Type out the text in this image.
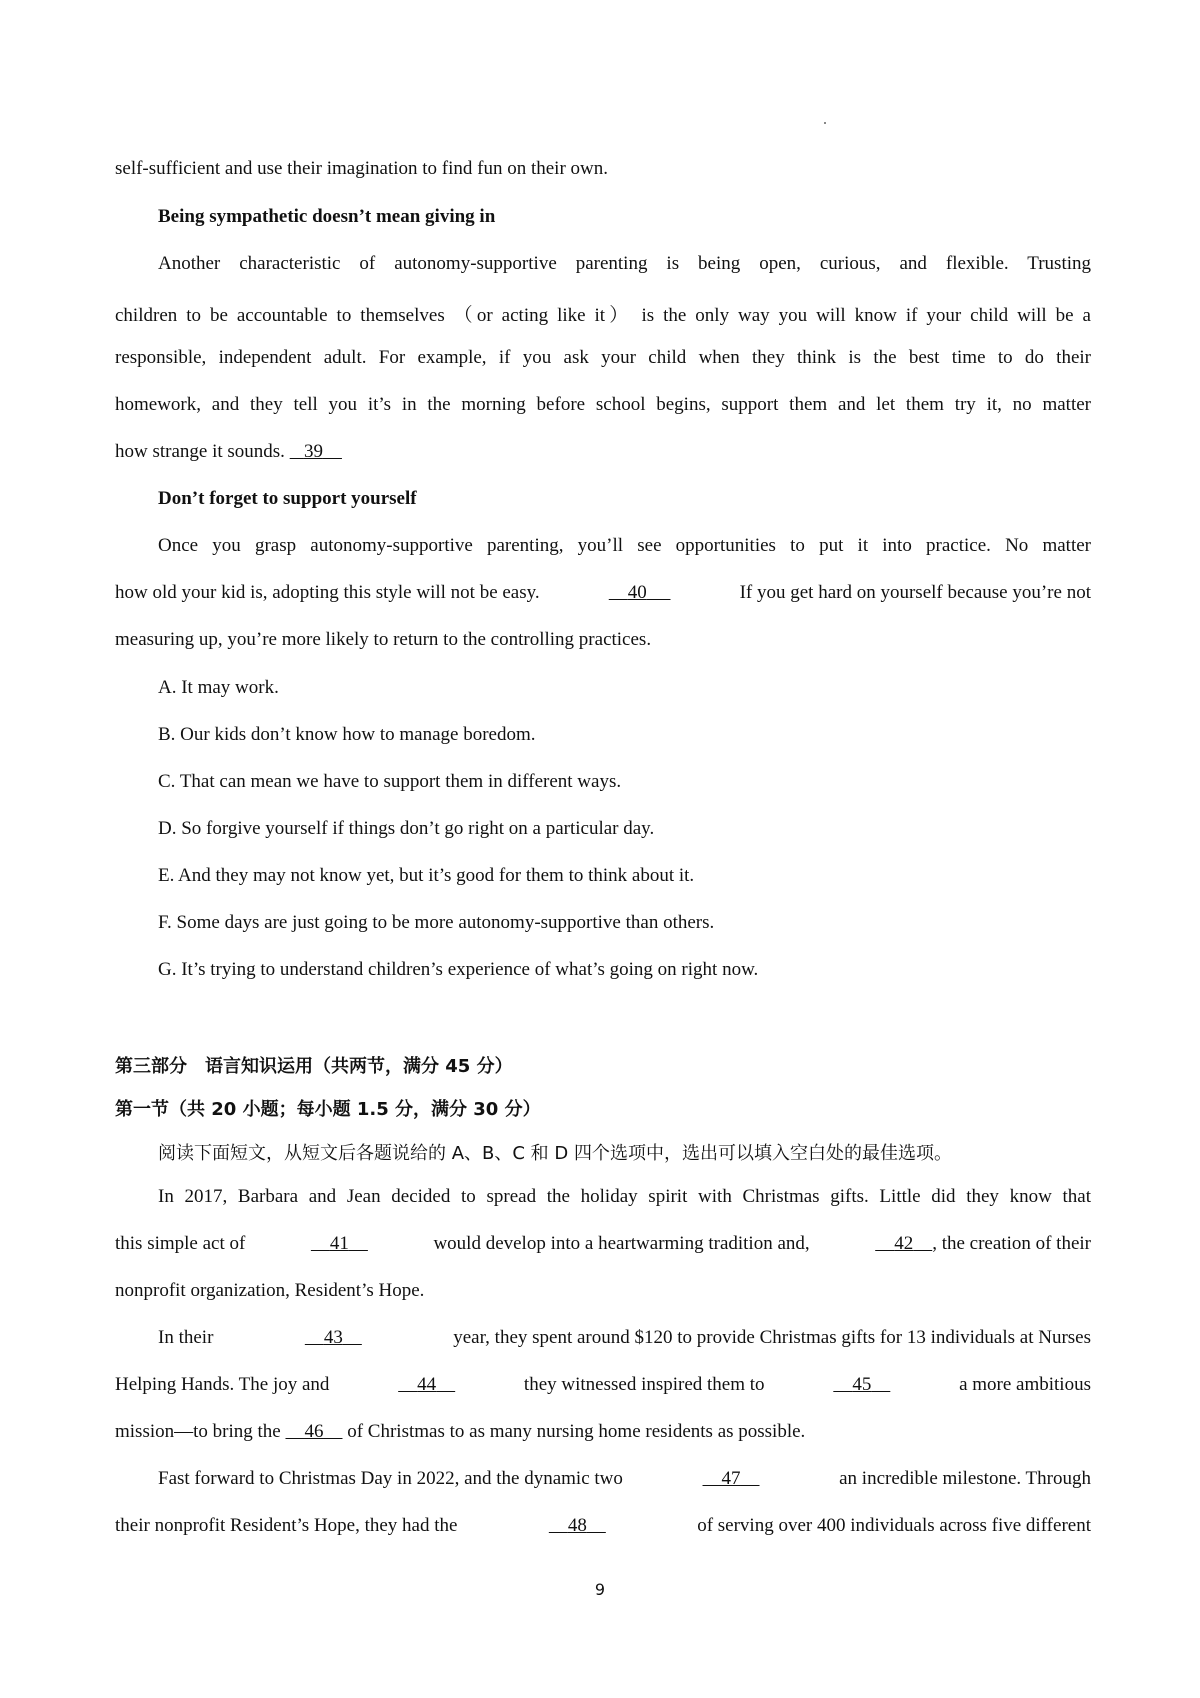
self-sufficient and use their imagination to find fun on their own.
Being sympathetic doesn’t mean giving in
Another characteristic of autonomy-supportive parenting is being open, curious, and flexible. Trusting
children to be accountable to themselves （or acting like it） is the only way you will know if your child will be a
responsible, independent adult. For example, if you ask your child when they think is the best time to do their
homework, and they tell you it’s in the morning before school begins, support them and let them try it, no matter
how strange it sounds. 39
Don’t forget to support yourself
Once you grasp autonomy-supportive parenting, you’ll see opportunities to put it into practice. No matter
how old your kid is, adopting this style will not be easy.	40	If you get hard on yourself because you’re not
measuring up, you’re more likely to return to the controlling practices.
A. It may work.
B. Our kids don’t know how to manage boredom.
C. That can mean we have to support them in different ways.
D. So forgive yourself if things don’t go right on a particular day.
E. And they may not know yet, but it’s good for them to think about it.
F. Some days are just going to be more autonomy-supportive than others.
G. It’s trying to understand children’s experience of what’s going on right now.
第三部分　语言知识运用（共两节，满分 45 分）
第一节（共 20 小题；每小题 1.5 分，满分 30 分）
阅读下面短文，从短文后各题说给的 A、B、C 和 D 四个选项中，选出可以填入空白处的最佳选项。
In 2017, Barbara and Jean decided to spread the holiday spirit with Christmas gifts. Little did they know that
this simple act of	41	would develop into a heartwarming tradition and,	42 , the creation of their
nonprofit organization, Resident’s Hope.
In their	43	year, they spent around $120 to provide Christmas gifts for 13 individuals at Nurses
Helping Hands. The joy and	44	they witnessed inspired them to	45	a more ambitious
mission—to bring the 46 of Christmas to as many nursing home residents as possible.
Fast forward to Christmas Day in 2022, and the dynamic two	47	an incredible milestone. Through
their nonprofit Resident’s Hope, they had the	48	of serving over 400 individuals across five different
9
